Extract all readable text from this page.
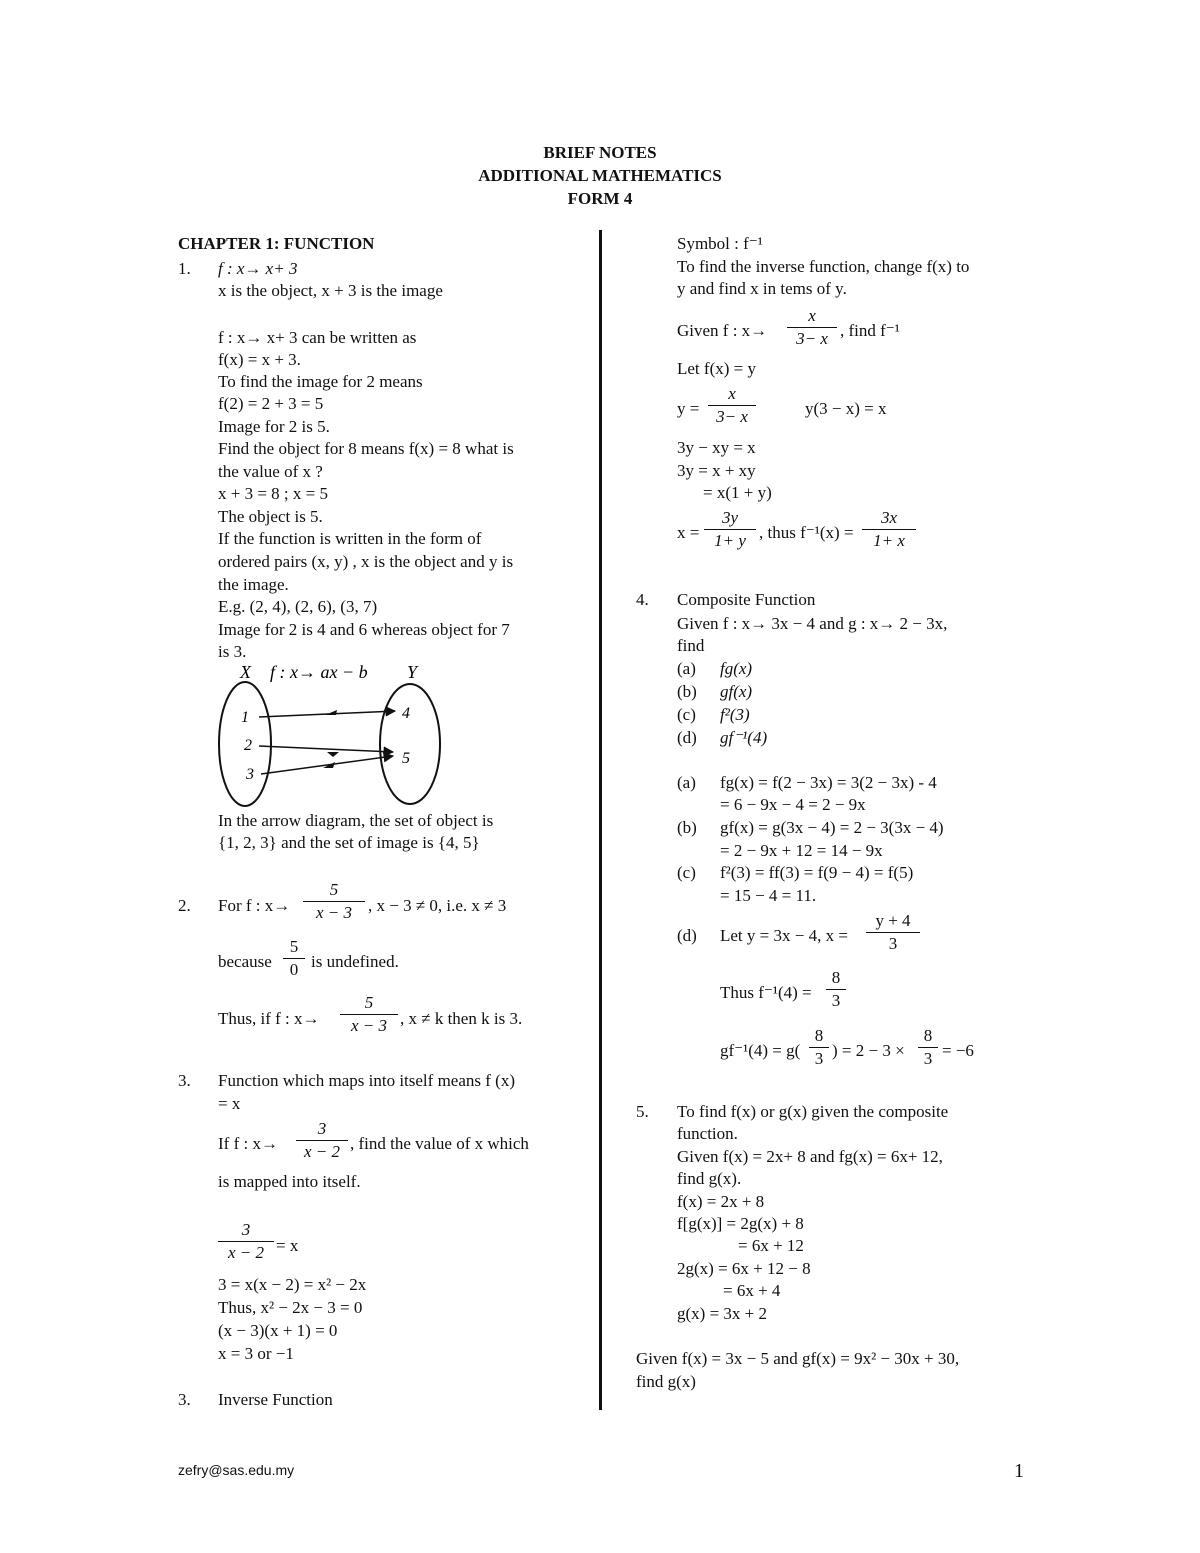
BRIEF NOTES
ADDITIONAL MATHEMATICS
FORM 4
CHAPTER 1: FUNCTION
1. f : x→ x+ 3
x is the object, x + 3 is the image
f : x→ x+ 3 can be written as
f(x) = x + 3.
To find the image for 2 means
f(2) = 2 + 3 = 5
Image for 2 is 5.
Find the object for 8 means f(x) = 8 what is
the value of x ?
x + 3 = 8 ; x = 5
The object is 5.
If the function is written in the form of
ordered pairs (x, y) , x is the object and y is
the image.
E.g. (2, 4), (2, 6), (3, 7)
Image for 2 is 4 and 6 whereas object for 7
is 3.
X f : x→ ax − b Y
1
2
3
4
5
In the arrow diagram, the set of object is
{1, 2, 3} and the set of image is {4, 5}
2. For f : $x\to \frac{5}{x - 3}$ , x − 3 ≠ 0, i.e. x ≠ 3
because $\frac{5}{0}$ is undefined.
Thus, if f : $x\to \frac{5}{x - 3}$ , x ≠ k then k is 3.
3. Function which maps into itself means f (x)
= x
If f : $x\to \frac{3}{x - 2}$ , find the value of x which
is mapped into itself.
$\frac{3}{x - 2} = x$
3 = x(x − 2) = x² − 2x
Thus, x² − 2x − 3 = 0
(x − 3)(x + 1) = 0
x = 3 or −1
3. Inverse Function
Symbol : f⁻¹
To find the inverse function, change f(x) to
y and find x in tems of y.
Given f : $x\to \frac{x}{3- x}$ , find f⁻¹
Let f(x) = y
$y = \frac{x}{3- x}$	y(3 − x) = x
3y − xy = x
3y = x + xy
= x(1 + y)
$x = \frac{3y}{1+ y}$ , thus $f^{-1}(x) = \frac{3x}{1+ x}$
4. Composite Function
Given f : x→ 3x − 4 and g : x→ 2 − 3x,
find
(a) fg(x)
(b) gf(x)
(c) f²(3)
(d) gf⁻¹(4)
(a) fg(x) = f(2 − 3x) = 3(2 − 3x) - 4
= 6 − 9x − 4 = 2 − 9x
(b) gf(x) = g(3x − 4) = 2 − 3(3x − 4)
= 2 − 9x + 12 = 14 − 9x
(c) f²(3) = ff(3) = f(9 − 4) = f(5)
= 15 − 4 = 11.
(d) Let y = 3x − 4, $x = \frac{y + 4}{3}$
Thus $f^{-1}(4) = \frac{8}{3}$
$gf^{-1}(4) = g( \frac{8}{3}$ ) = $2 - 3 \times \frac{8}{3} = -6$
5. To find f(x) or g(x) given the composite
function.
Given f(x) = 2x+ 8 and fg(x) = 6x+ 12,
find g(x).
f(x) = 2x + 8
f[g(x)] = 2g(x) + 8
= 6x + 12
2g(x) = 6x + 12 − 8
= 6x + 4
g(x) = 3x + 2
Given f(x) = 3x − 5 and gf(x) = 9x² − 30x + 30,
find g(x)
zefry@sas.edu.my	1
